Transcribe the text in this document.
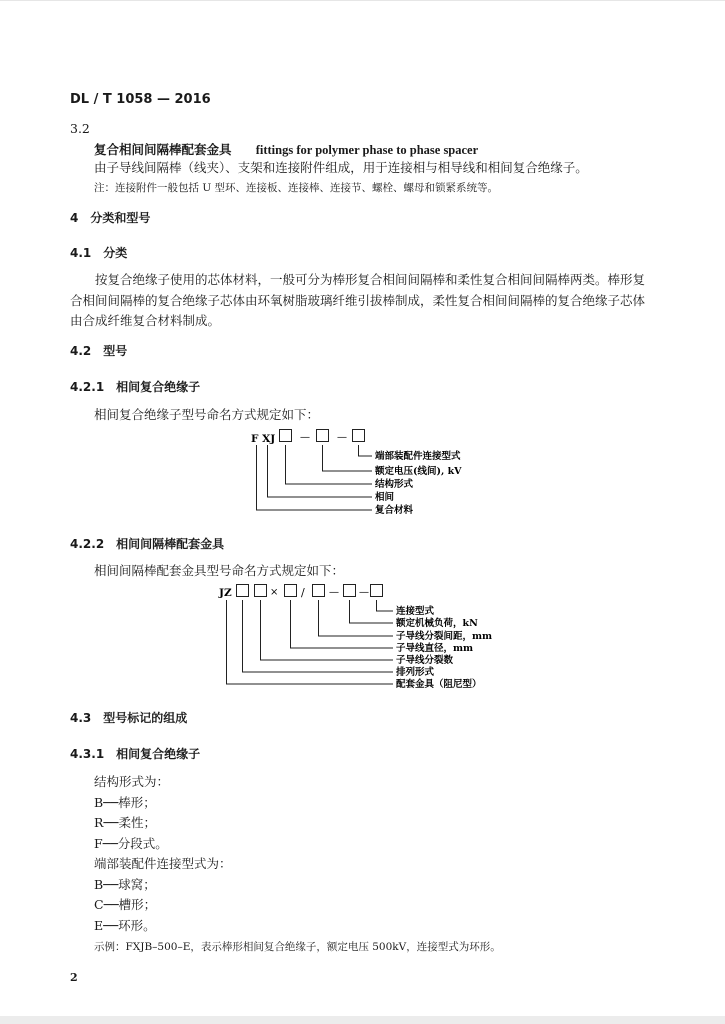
DL / T 1058 — 2016
3.2
复合相间间隔棒配套金具 fittings for polymer phase to phase spacer
由子导线间隔棒（线夹）、支架和连接附件组成，用于连接相与相导线和相间复合绝缘子。
注：连接附件一般包括 U 型环、连接板、连接棒、连接节、螺栓、螺母和锁紧系统等。
4 分类和型号
4.1 分类
按复合绝缘子使用的芯体材料，一般可分为棒形复合相间间隔棒和柔性复合相间间隔棒两类。棒形复合相间间隔棒的复合绝缘子芯体由环氧树脂玻璃纤维引拔棒制成，柔性复合相间间隔棒的复合绝缘子芯体由合成纤维复合材料制成。
4.2 型号
4.2.1 相间复合绝缘子
相间复合绝缘子型号命名方式规定如下：
F XJ —	—
端部装配件连接型式
额定电压(线间), kV
结构形式
相间
复合材料
JZ	× / — —
连接型式
额定机械负荷，kN
子导线分裂间距，mm
子导线直径，mm
子导线分裂数
排列形式
配套金具（阻尼型）
4.2.2 相间间隔棒配套金具
相间间隔棒配套金具型号命名方式规定如下：
4.3 型号标记的组成
4.3.1 相间复合绝缘子
结构形式为：
B──棒形；
R──柔性；
F──分段式。
端部装配件连接型式为：
B──球窝；
C──槽形；
E──环形。
示例：FXJB–500–E，表示棒形相间复合绝缘子，额定电压 500kV，连接型式为环形。
2
